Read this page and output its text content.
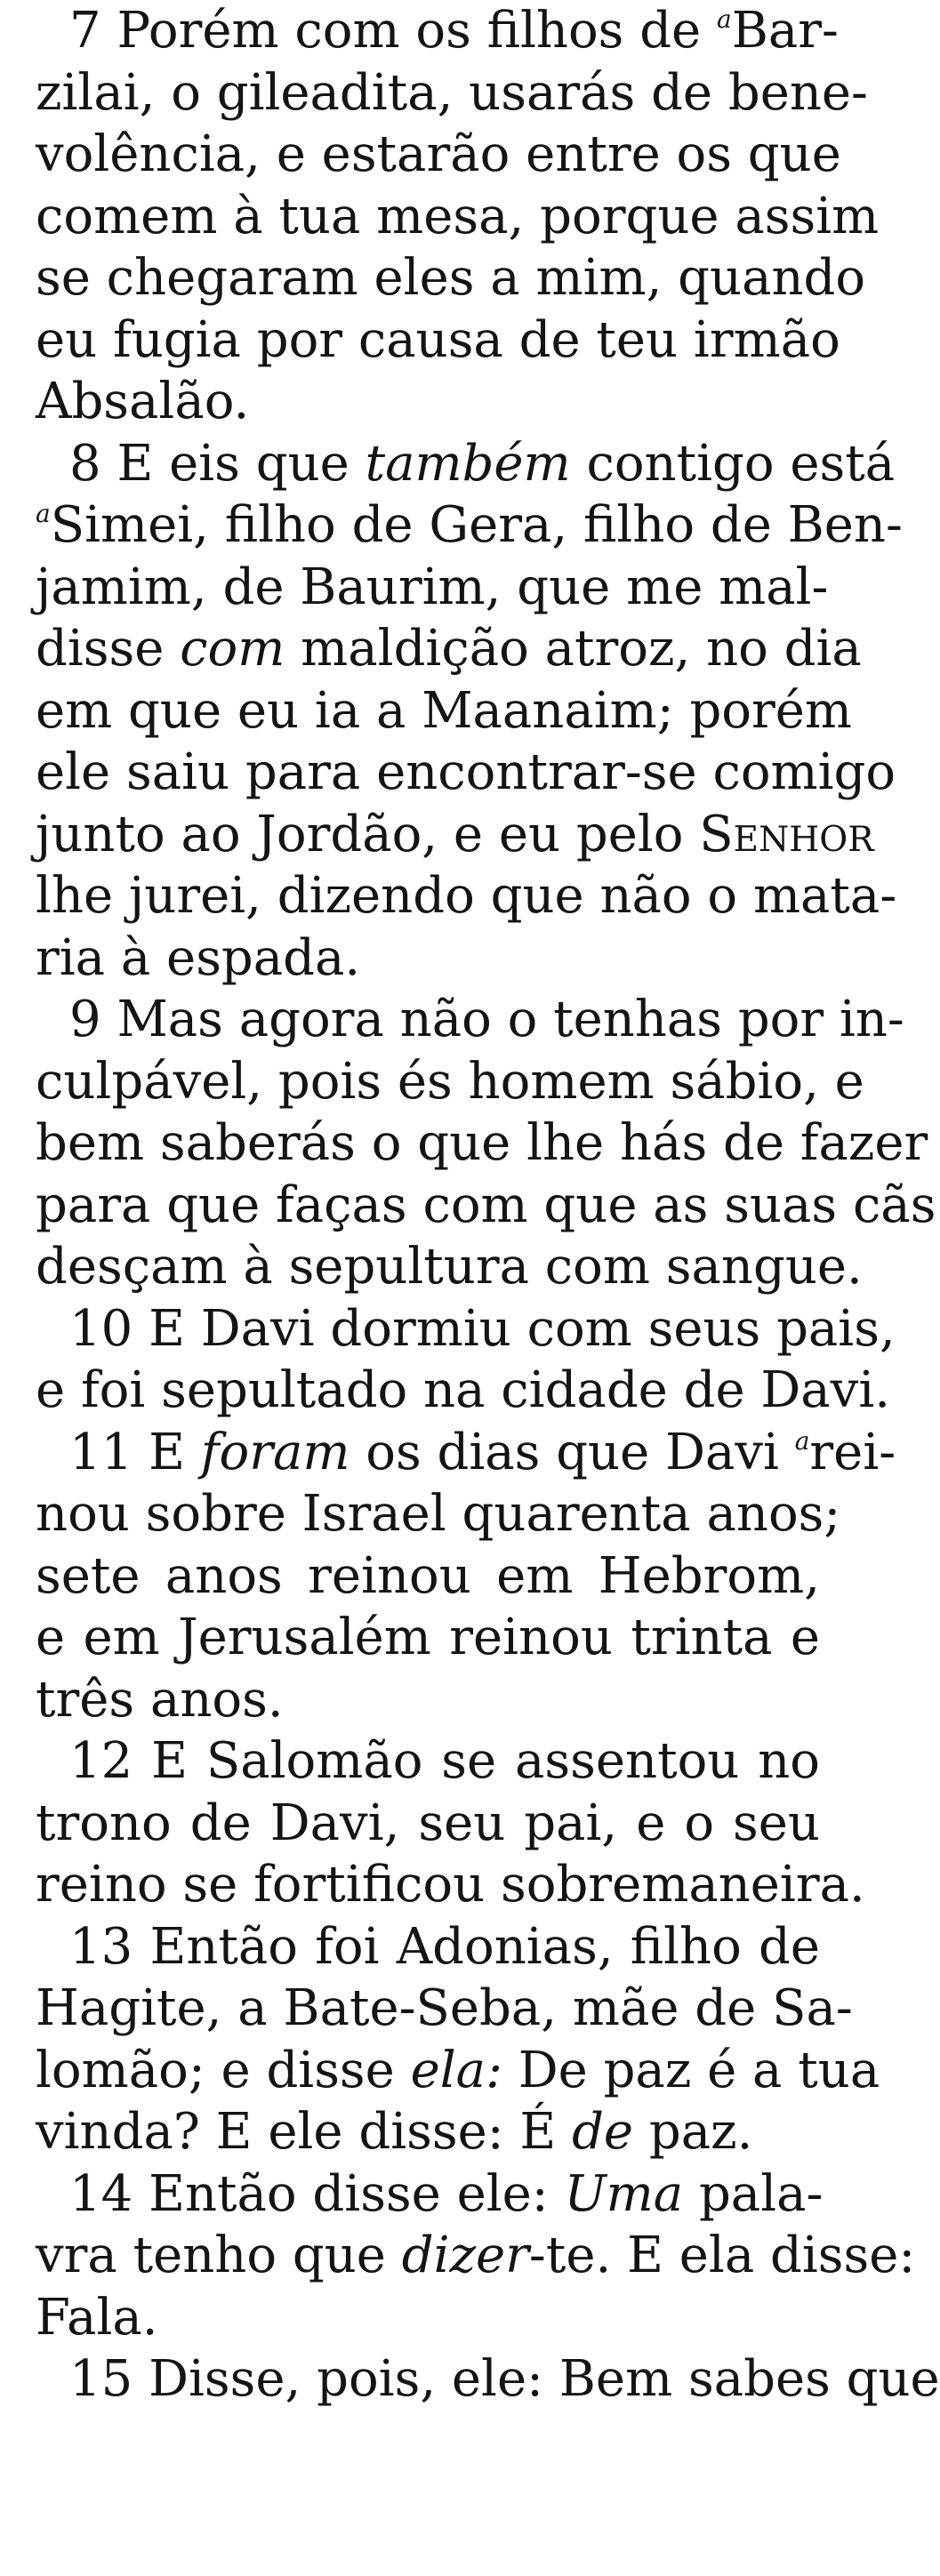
7 Porém com os filhos de $^a$Bar-
zilai, o gileadita, usarás de bene-
volência, e estarão entre os que
comem à tua mesa, porque assim
se chegaram eles a mim, quando
eu fugia por causa de teu irmão
Absalão.
8 E eis que também contigo está
$^a$Simei, filho de Gera, filho de Ben-
jamim, de Baurim, que me mal-
disse com maldição atroz, no dia
em que eu ia a Maanaim; porém
ele saiu para encontrar-se comigo
junto ao Jordão, e eu pelo Senhor
lhe jurei, dizendo que não o mata-
ria à espada.
9 Mas agora não o tenhas por in-
culpável, pois és homem sábio, e
bem saberás o que lhe hás de fazer
para que faças com que as suas cãs
desçam à sepultura com sangue.
10 E Davi dormiu com seus pais,
e foi sepultado na cidade de Davi.
11 E foram os dias que Davi $^a$rei-
nou sobre Israel quarenta anos;
sete anos reinou em Hebrom,
e em Jerusalém reinou trinta e
três anos.
12 E Salomão se assentou no
trono de Davi, seu pai, e o seu
reino se fortificou sobremaneira.
13 Então foi Adonias, filho de
Hagite, a Bate-Seba, mãe de Sa-
lomão; e disse ela: De paz é a tua
vinda? E ele disse: É de paz.
14 Então disse ele: Uma pala-
vra tenho que dizer-te. E ela disse:
Fala.
15 Disse, pois, ele: Bem sabes que
